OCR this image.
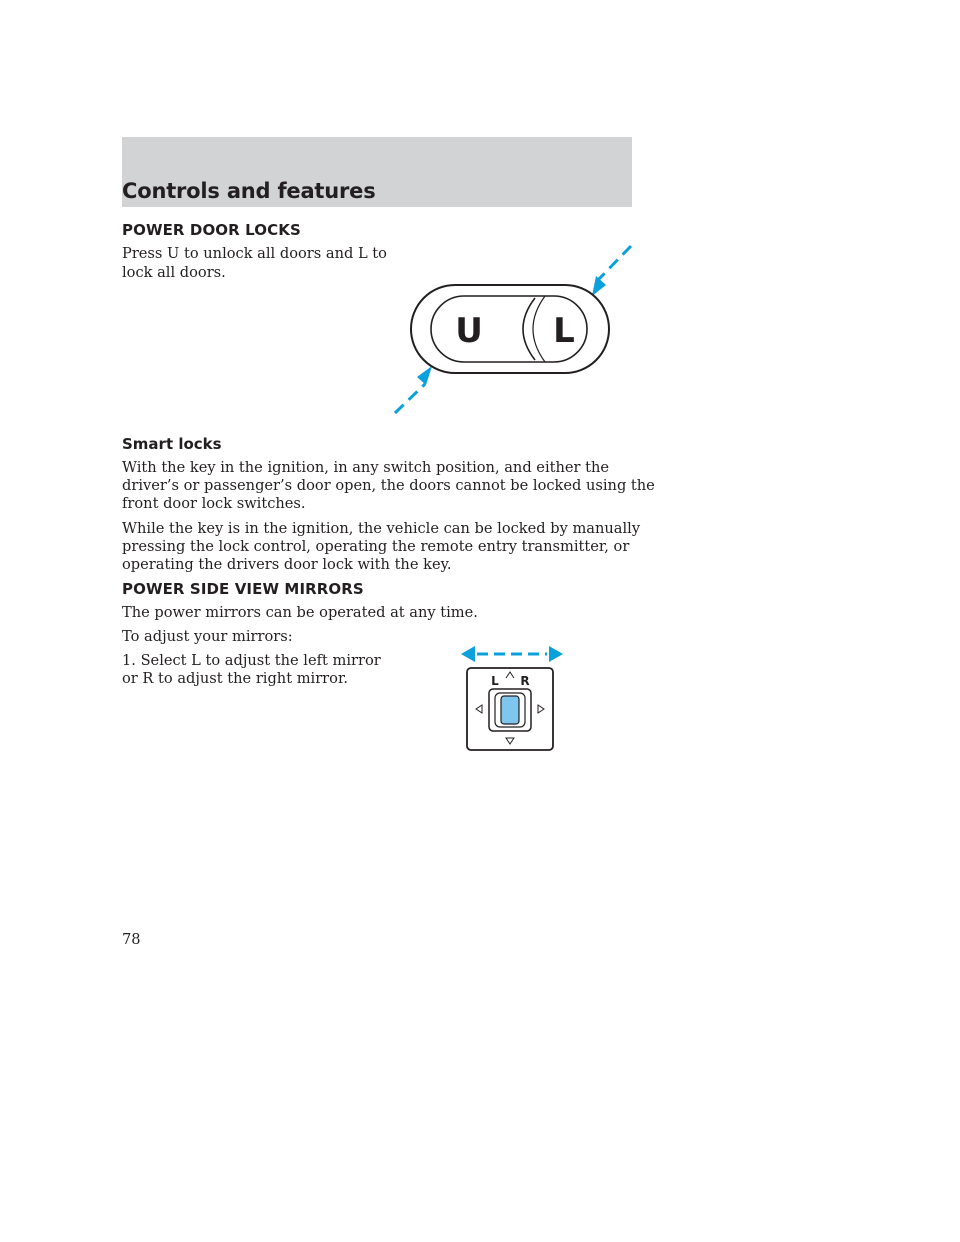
Controls and features
POWER DOOR LOCKS

Press U to unlock all doors and L to

lock all doors.

U L
Smart locks

With the key in the ignition, in any switch position, and either the

driver’s or passenger’s door open, the doors cannot be locked using the

front door lock switches.

While the key is in the ignition, the vehicle can be locked by manually

pressing the lock control, operating the remote entry transmitter, or

operating the drivers door lock with the key.

POWER SIDE VIEW MIRRORS

The power mirrors can be operated at any time.

To adjust your mirrors:

1. Select L to adjust the left mirror

or R to adjust the right mirror.	L R
78
